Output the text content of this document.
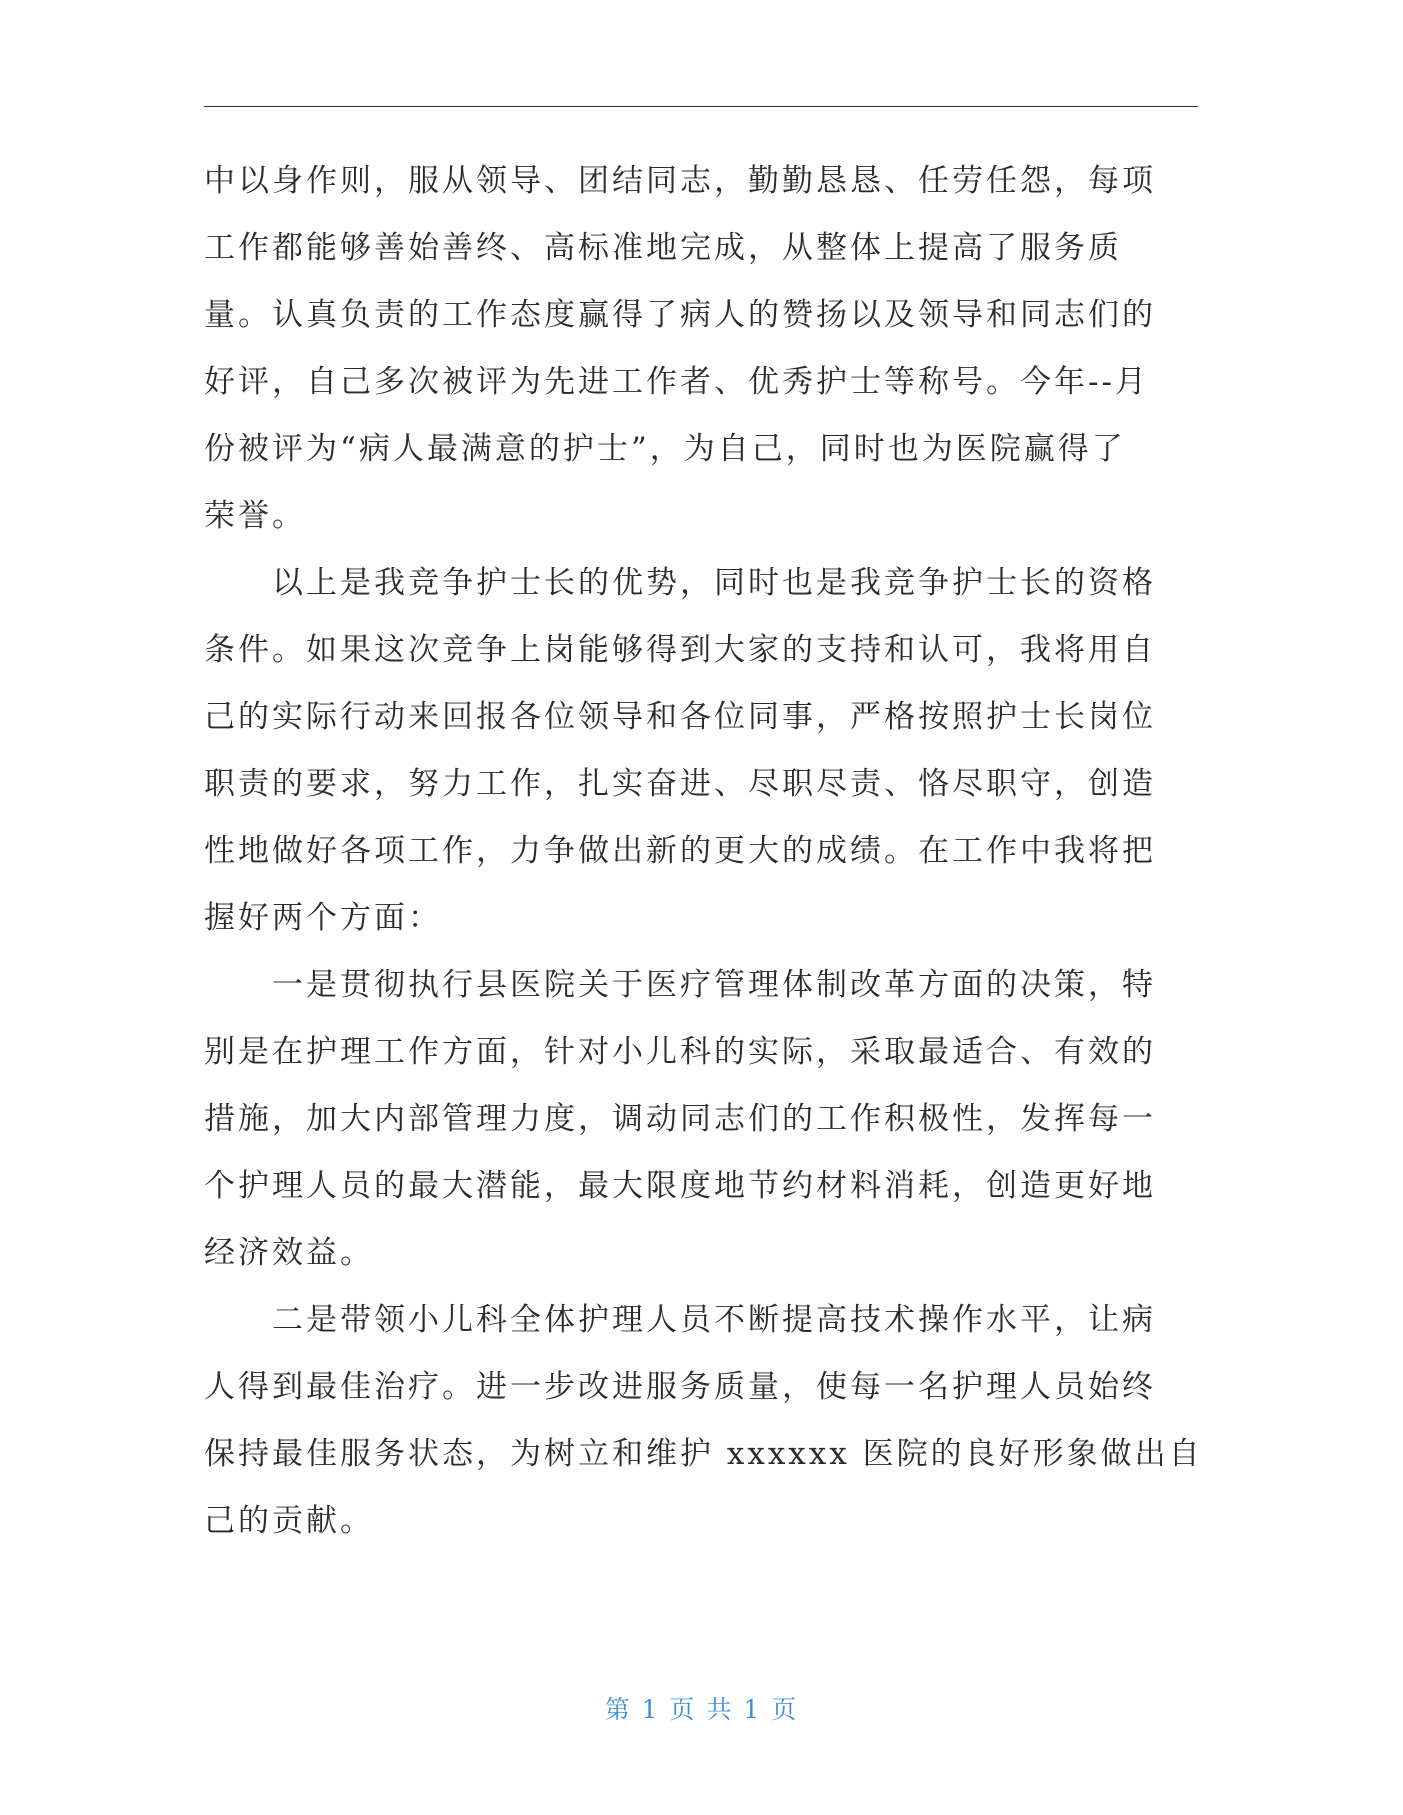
中以身作则，服从领导、团结同志，勤勤恳恳、任劳任怨，每项
工作都能够善始善终、高标准地完成，从整体上提高了服务质
量。认真负责的工作态度赢得了病人的赞扬以及领导和同志们的
好评，自己多次被评为先进工作者、优秀护士等称号。今年--月
份被评为“病人最满意的护士”，为自己，同时也为医院赢得了
荣誉。
以上是我竞争护士长的优势，同时也是我竞争护士长的资格
条件。如果这次竞争上岗能够得到大家的支持和认可，我将用自
己的实际行动来回报各位领导和各位同事，严格按照护士长岗位
职责的要求，努力工作，扎实奋进、尽职尽责、恪尽职守，创造
性地做好各项工作，力争做出新的更大的成绩。在工作中我将把
握好两个方面：
一是贯彻执行县医院关于医疗管理体制改革方面的决策，特
别是在护理工作方面，针对小儿科的实际，采取最适合、有效的
措施，加大内部管理力度，调动同志们的工作积极性，发挥每一
个护理人员的最大潜能，最大限度地节约材料消耗，创造更好地
经济效益。
二是带领小儿科全体护理人员不断提高技术操作水平，让病
人得到最佳治疗。进一步改进服务质量，使每一名护理人员始终
保持最佳服务状态，为树立和维护 xxxxxx 医院的良好形象做出自
己的贡献。
第 1 页 共 1 页
